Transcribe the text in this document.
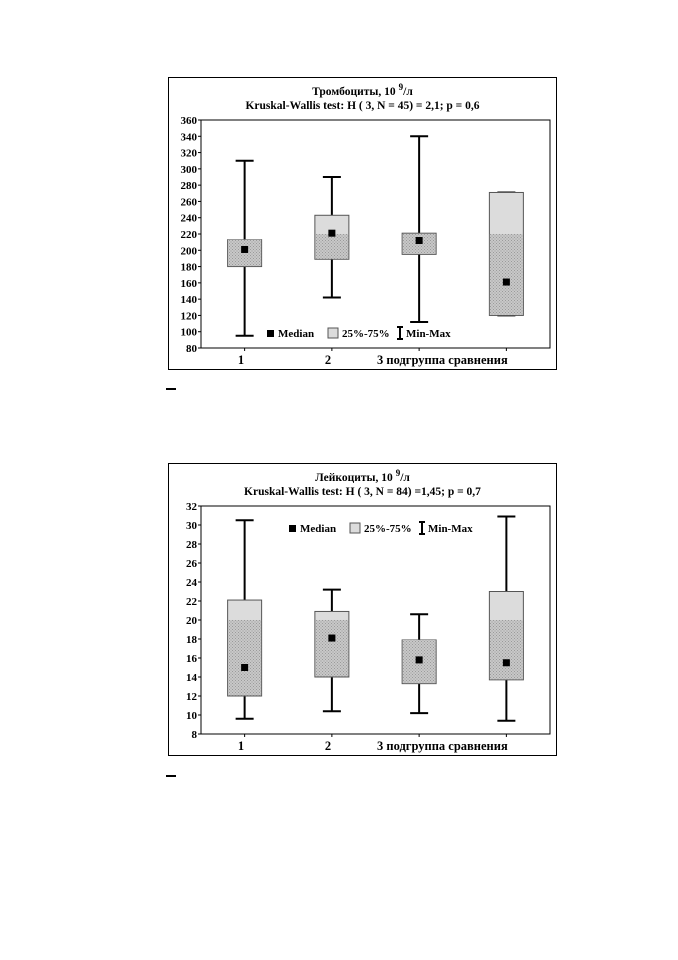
Тромбоциты, 10 $^9$/л
Kruskal-Wallis test: H ( 3, N = 45) = 2,1; p = 0,6
80
100
120
140
160
180
200
220
240
260
280
300
320
340
360
1	2	3 подгруппа сравнения
Median	25%-75% Min-Max
Лейкоциты, 10 $^9$/л
Kruskal-Wallis test: H ( 3, N = 84) =1,45; p = 0,7
8
10
12
14
16
18
20
22
24
26
28
30
32
1	2	3 подгруппа сравнения
Median	25%-75% Min-Max
